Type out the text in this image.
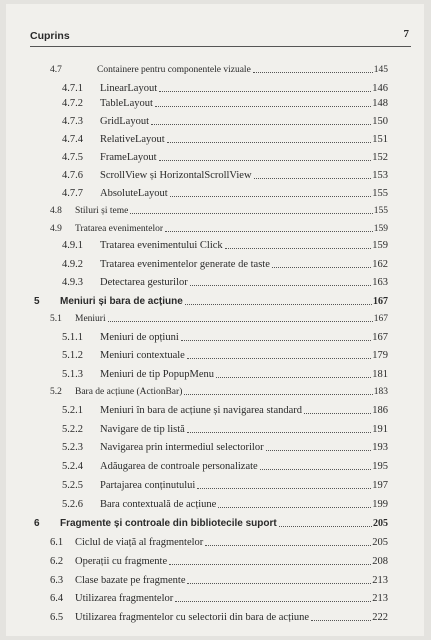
Cuprins	7
4.7	Containere pentru componentele vizuale	145
4.7.1	LinearLayout	146
4.7.2	TableLayout	148
4.7.3	GridLayout	150
4.7.4	RelativeLayout	151
4.7.5	FrameLayout	152
4.7.6	ScrollView și HorizontalScrollView	153
4.7.7	AbsoluteLayout	155
4.8	Stiluri și teme	155
4.9	Tratarea evenimentelor	159
4.9.1	Tratarea evenimentului Click	159
4.9.2	Tratarea evenimentelor generate de taste	162
4.9.3	Detectarea gesturilor	163
5	Meniuri și bara de acțiune	167
5.1	Meniuri	167
5.1.1	Meniuri de opțiuni	167
5.1.2	Meniuri contextuale	179
5.1.3	Meniuri de tip PopupMenu	181
5.2	Bara de acțiune (ActionBar)	183
5.2.1	Meniuri în bara de acțiune și navigarea standard	186
5.2.2	Navigare de tip listă	191
5.2.3	Navigarea prin intermediul selectorilor	193
5.2.4	Adăugarea de controale personalizate	195
5.2.5	Partajarea conținutului	197
5.2.6	Bara contextuală de acțiune	199
6	Fragmente și controale din bibliotecile suport	205
6.1	Ciclul de viață al fragmentelor	205
6.2	Operații cu fragmente	208
6.3	Clase bazate pe fragmente	213
6.4	Utilizarea fragmentelor	213
6.5	Utilizarea fragmentelor cu selectorii din bara de acțiune	222
